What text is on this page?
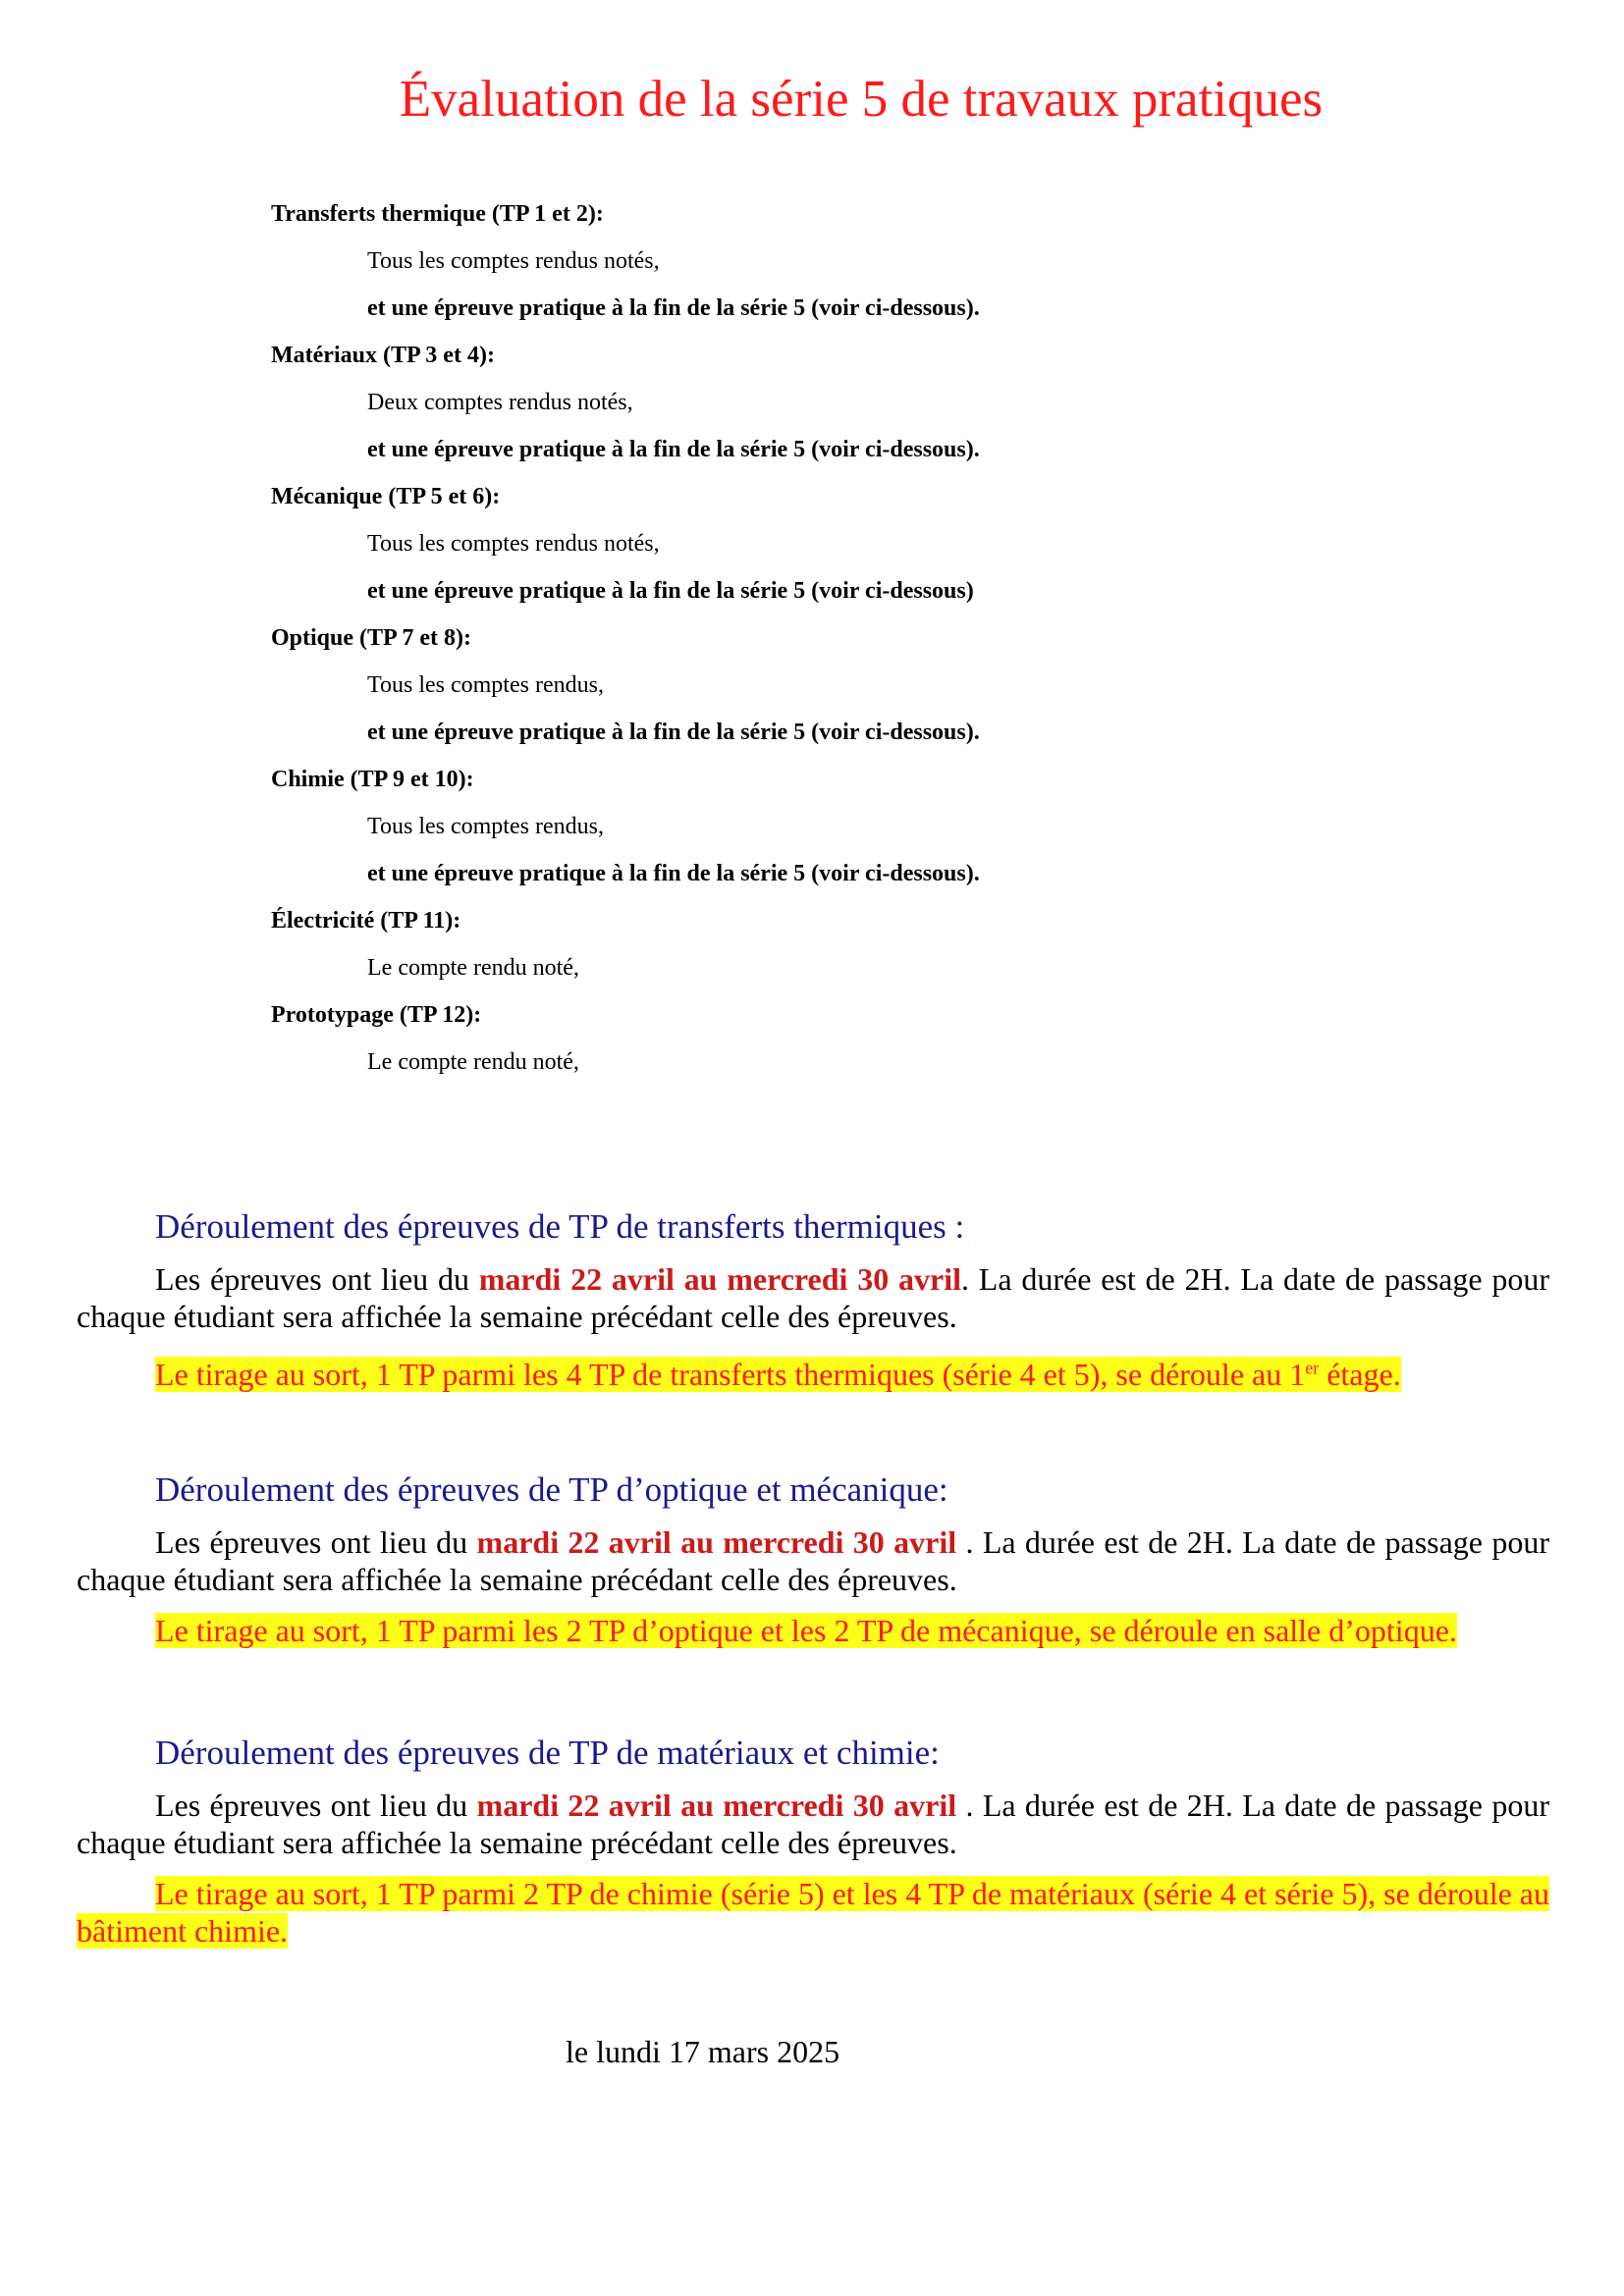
Évaluation de la série 5 de travaux pratiques
Transferts thermique (TP 1 et 2):
Tous les comptes rendus notés,
et une épreuve pratique à la fin de la série 5 (voir ci-dessous).
Matériaux (TP 3 et 4):
Deux comptes rendus notés,
et une épreuve pratique à la fin de la série 5 (voir ci-dessous).
Mécanique (TP 5 et 6):
Tous les comptes rendus notés,
et une épreuve pratique à la fin de la série 5 (voir ci-dessous)
Optique (TP 7 et 8):
Tous les comptes rendus,
et une épreuve pratique à la fin de la série 5 (voir ci-dessous).
Chimie (TP 9 et 10):
Tous les comptes rendus,
et une épreuve pratique à la fin de la série 5 (voir ci-dessous).
Électricité (TP 11):
Le compte rendu noté,
Prototypage (TP 12):
Le compte rendu noté,
Déroulement des épreuves de TP de transferts thermiques :

Les épreuves ont lieu du mardi 22 avril au mercredi 30 avril. La durée est de 2H. La date de passage pour chaque étudiant sera affichée la semaine précédant celle des épreuves.

Le tirage au sort, 1 TP parmi les 4 TP de transferts thermiques (série 4 et 5), se déroule au 1er étage.

Déroulement des épreuves de TP d’optique et mécanique:

Les épreuves ont lieu du mardi 22 avril au mercredi 30 avril . La durée est de 2H. La date de passage pour chaque étudiant sera affichée la semaine précédant celle des épreuves.

Le tirage au sort, 1 TP parmi les 2 TP d’optique et les 2 TP de mécanique, se déroule en salle d’optique.

Déroulement des épreuves de TP de matériaux et chimie:

Les épreuves ont lieu du mardi 22 avril au mercredi 30 avril . La durée est de 2H. La date de passage pour chaque étudiant sera affichée la semaine précédant celle des épreuves.

Le tirage au sort, 1 TP parmi 2 TP de chimie (série 5) et les 4 TP de matériaux (série 4 et série 5), se déroule au bâtiment chimie.

le lundi 17 mars 2025
